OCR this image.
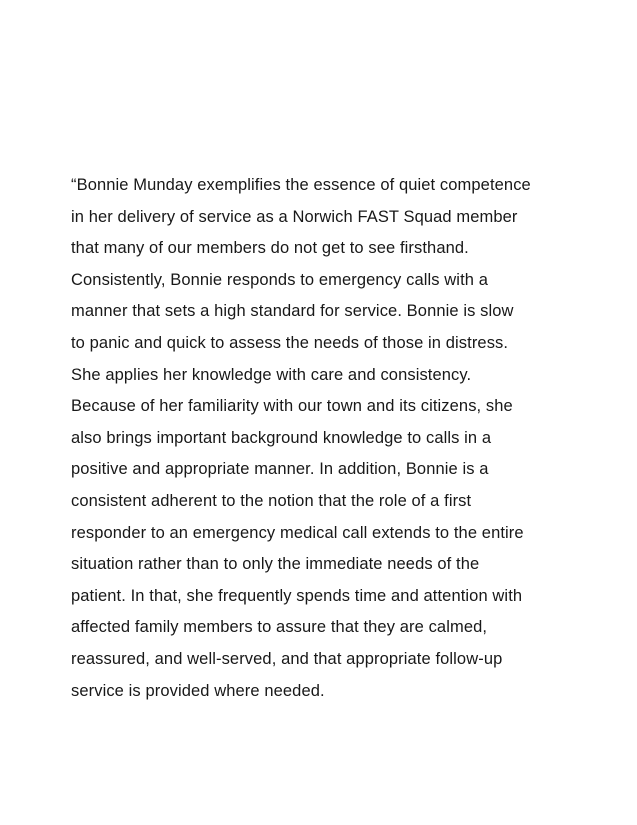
“Bonnie Munday exemplifies the essence of quiet competence
in her delivery of service as a Norwich FAST Squad member
that many of our members do not get to see firsthand.
Consistently, Bonnie responds to emergency calls with a
manner that sets a high standard for service. Bonnie is slow
to panic and quick to assess the needs of those in distress.
She applies her knowledge with care and consistency.
Because of her familiarity with our town and its citizens, she
also brings important background knowledge to calls in a
positive and appropriate manner. In addition, Bonnie is a
consistent adherent to the notion that the role of a first
responder to an emergency medical call extends to the entire
situation rather than to only the immediate needs of the
patient. In that, she frequently spends time and attention with
affected family members to assure that they are calmed,
reassured, and well-served, and that appropriate follow-up
service is provided where needed.
